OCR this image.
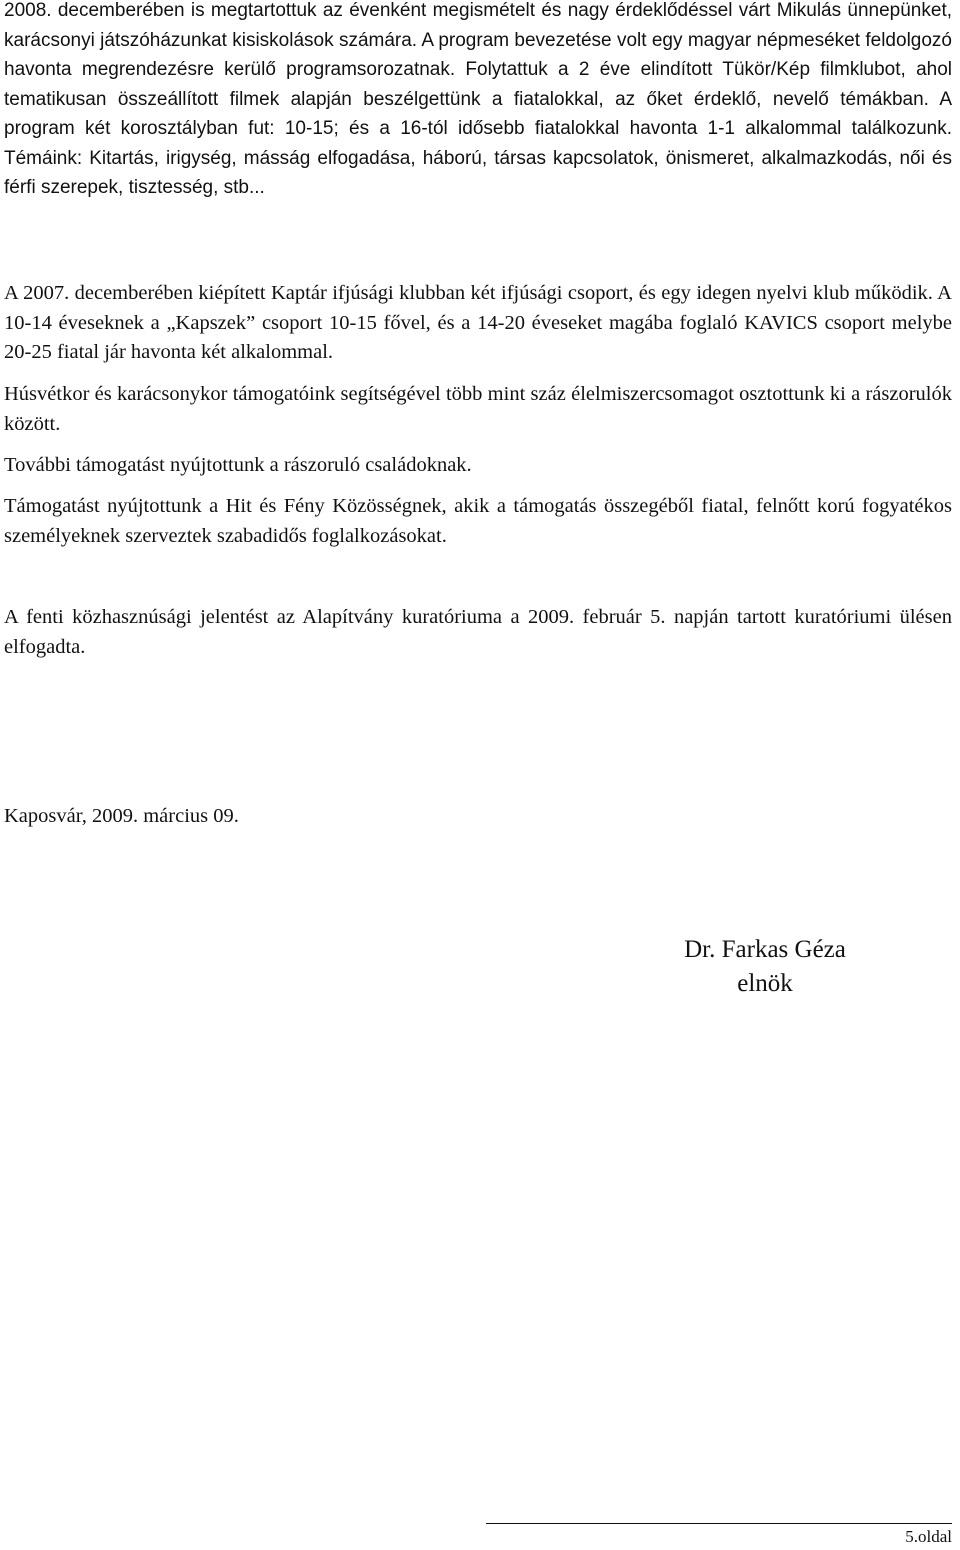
2008. decemberében is megtartottuk az évenként megismételt és nagy érdeklődéssel várt Mikulás ünnepünket, karácsonyi játszóházunkat kisiskolások számára. A program bevezetése volt egy magyar népmeséket feldolgozó havonta megrendezésre kerülő programsorozatnak. Folytattuk a 2 éve elindított Tükör/Kép filmklubot, ahol tematikusan összeállított filmek alapján beszélgettünk a fiatalokkal, az őket érdeklő, nevelő témákban. A program két korosztályban fut: 10-15; és a 16-tól idősebb fiatalokkal havonta 1-1 alkalommal találkozunk. Témáink: Kitartás, irigység, másság elfogadása, háború, társas kapcsolatok, önismeret, alkalmazkodás, női és férfi szerepek, tisztesség, stb...

A 2007. decemberében kiépített Kaptár ifjúsági klubban két ifjúsági csoport, és egy idegen nyelvi klub működik. A 10-14 éveseknek a „Kapszek” csoport 10-15 fővel, és a 14-20 éveseket magába foglaló KAVICS csoport melybe 20-25 fiatal jár havonta két alkalommal.

Húsvétkor és karácsonykor támogatóink segítségével több mint száz élelmiszercsomagot osztottunk ki a rászorulók között.

További támogatást nyújtottunk a rászoruló családoknak.

Támogatást nyújtottunk a Hit és Fény Közösségnek, akik a támogatás összegéből fiatal, felnőtt korú fogyatékos személyeknek szerveztek szabadidős foglalkozásokat.

A fenti közhasznúsági jelentést az Alapítvány kuratóriuma a 2009. február 5. napján tartott kuratóriumi ülésen elfogadta.

Kaposvár, 2009. március 09.

Dr. Farkas Géza

elnök

5.oldal
